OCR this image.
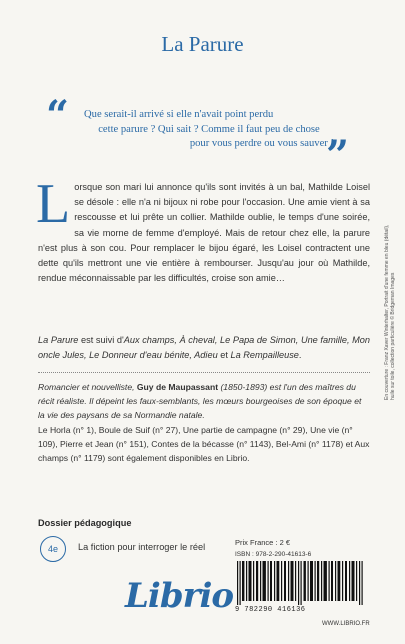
La Parure
“ Que serait-il arrivé si elle n'avait point perdu
cette parure ? Qui sait ? Comme il faut peu de chose
pour vous perdre ou vous sauver !
”
Lorsque son mari lui annonce qu'ils sont invités à un bal, Mathilde Loisel se désole : elle n'a ni bijoux ni robe pour l'occasion. Une amie vient à sa rescousse et lui prête un collier. Mathilde oublie, le temps d'une soirée, sa vie morne de femme d'employé. Mais de retour chez elle, la parure n'est plus à son cou. Pour remplacer le bijou égaré, les Loisel contractent une dette qu'ils mettront une vie entière à rembourser. Jusqu'au jour où Mathilde, rendue méconnaissable par les difficultés, croise son amie…
La Parure est suivi d'Aux champs, À cheval, Le Papa de Simon, Une famille, Mon oncle Jules, Le Donneur d'eau bénite, Adieu et La Rempailleuse.
Romancier et nouvelliste, Guy de Maupassant (1850-1893) est l'un des maîtres du récit réaliste. Il dépeint les faux-semblants, les mœurs bourgeoises de son époque et la vie des paysans de sa Normandie natale.
Le Horla (n° 1), Boule de Suif (n° 27), Une partie de campagne (n° 29), Une vie (n° 109), Pierre et Jean (n° 151), Contes de la bécasse (n° 1143), Bel-Ami (n° 1178) et Aux champs (n° 1179) sont également disponibles en Librio.
Dossier pédagogique
4e	La fiction pour interroger le réel
Librio
Prix France : 2 €
ISBN : 978-2-290-41613-6
9 782290 416136
WWW.LIBRIO.FR
En couverture : Franz Xaver Winterhalter, Portrait d'une femme en bleu (détail), huile sur toile, collection particulière © Bridgeman Images
